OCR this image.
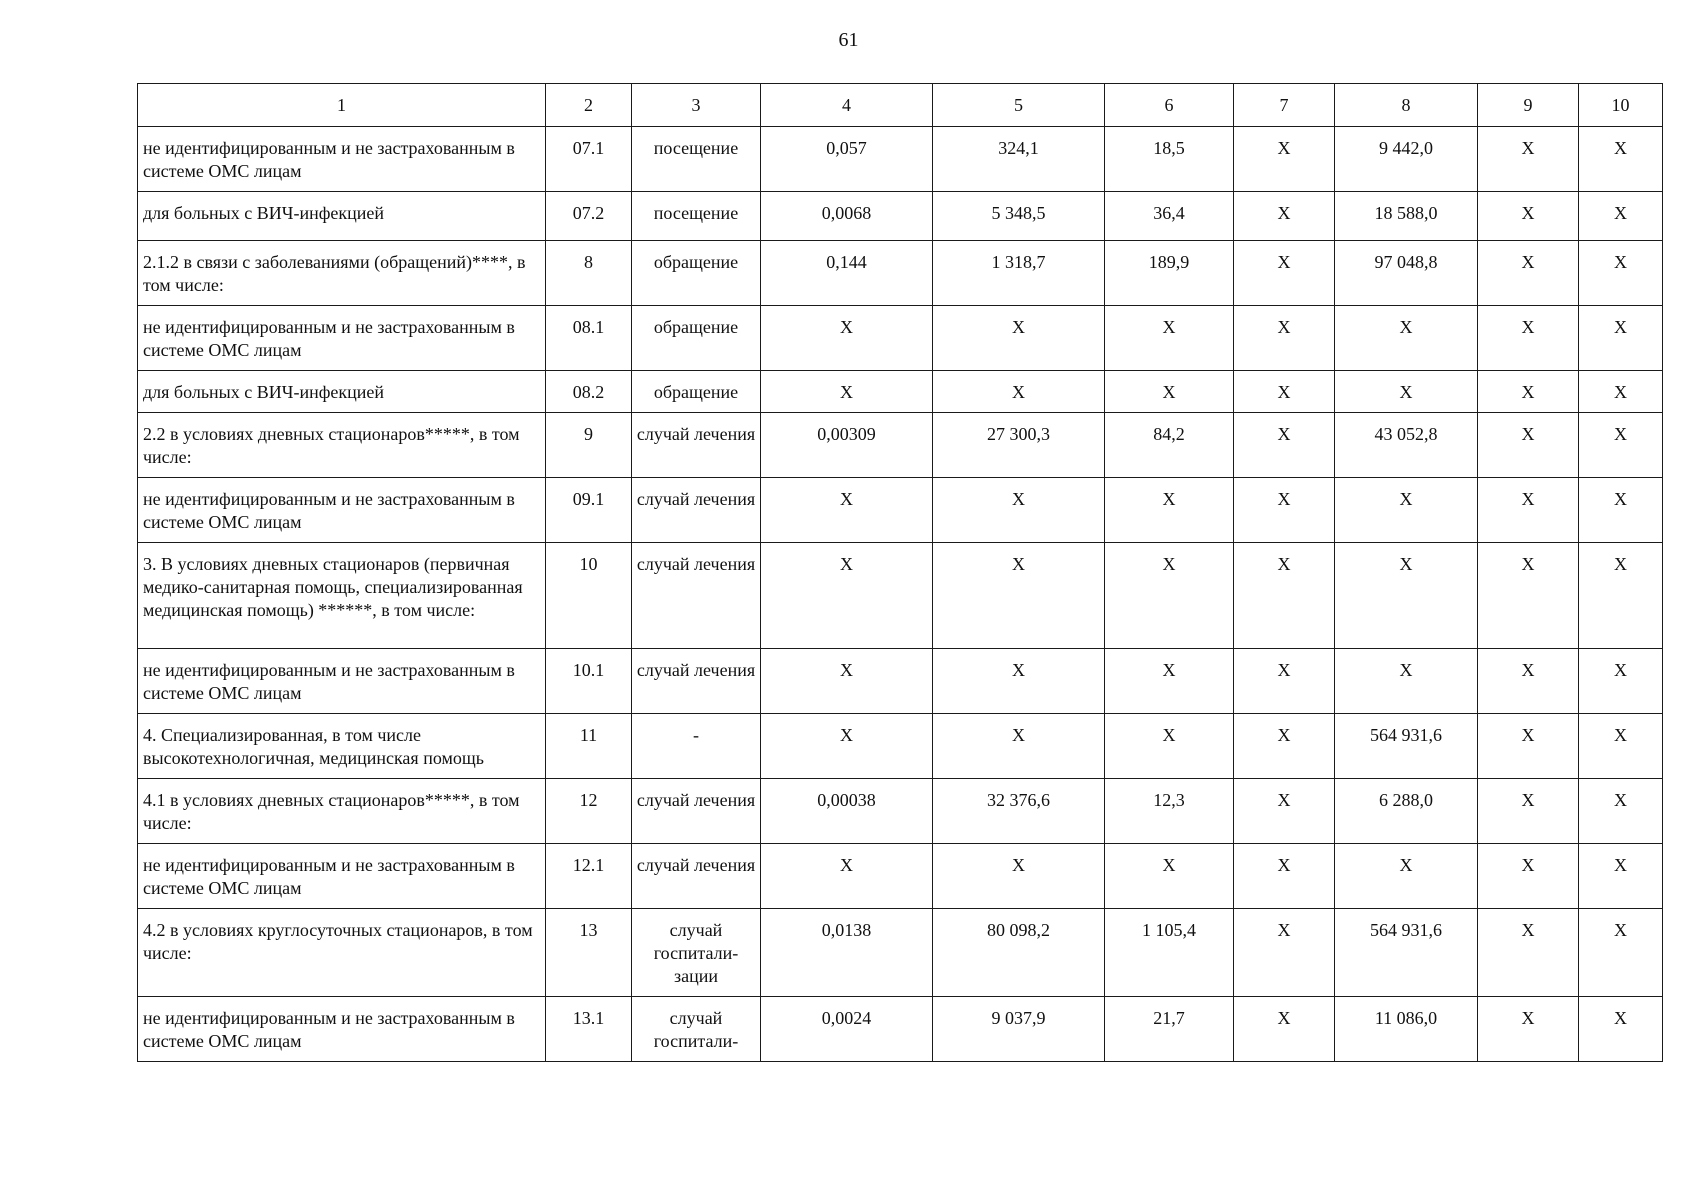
61
1	2	3	4	5	6	7	8	9	10
не идентифицированным и не застрахованным в системе ОМС лицам	07.1	посещение	0,057	324,1	18,5	Х	9 442,0	Х	Х
для больных с ВИЧ-инфекцией	07.2	посещение	0,0068	5 348,5	36,4	Х	18 588,0	Х	Х
2.1.2 в связи с заболеваниями (обращений)****, в том числе:	8	обращение	0,144	1 318,7	189,9	Х	97 048,8	Х	Х
не идентифицированным и не застрахованным в системе ОМС лицам	08.1	обращение	Х	Х	Х	Х	Х	Х	Х
для больных с ВИЧ-инфекцией	08.2	обращение	Х	Х	Х	Х	Х	Х	Х
2.2 в условиях дневных стационаров*****, в том числе:	9	случай лечения	0,00309	27 300,3	84,2	Х	43 052,8	Х	Х
не идентифицированным и не застрахованным в системе ОМС лицам	09.1	случай лечения	Х	Х	Х	Х	Х	Х	Х
3. В условиях дневных стационаров (первичная медико-санитарная помощь, специализированная медицинская помощь) ******, в том числе:	10	случай лечения	Х	Х	Х	Х	Х	Х	Х
не идентифицированным и не застрахованным в системе ОМС лицам	10.1	случай лечения	Х	Х	Х	Х	Х	Х	Х
4. Специализированная, в том числе высокотехнологичная, медицинская помощь	11	-	Х	Х	Х	Х	564 931,6	Х	Х
4.1 в условиях дневных стационаров*****, в том числе:	12	случай лечения	0,00038	32 376,6	12,3	Х	6 288,0	Х	Х
не идентифицированным и не застрахованным в системе ОМС лицам	12.1	случай лечения	Х	Х	Х	Х	Х	Х	Х
4.2 в условиях круглосуточных стационаров, в том числе:	13	случай госпитали-зации	0,0138	80 098,2	1 105,4	Х	564 931,6	Х	Х
не идентифицированным и не застрахованным в системе ОМС лицам	13.1	случай госпитали-	0,0024	9 037,9	21,7	Х	11 086,0	Х	Х
